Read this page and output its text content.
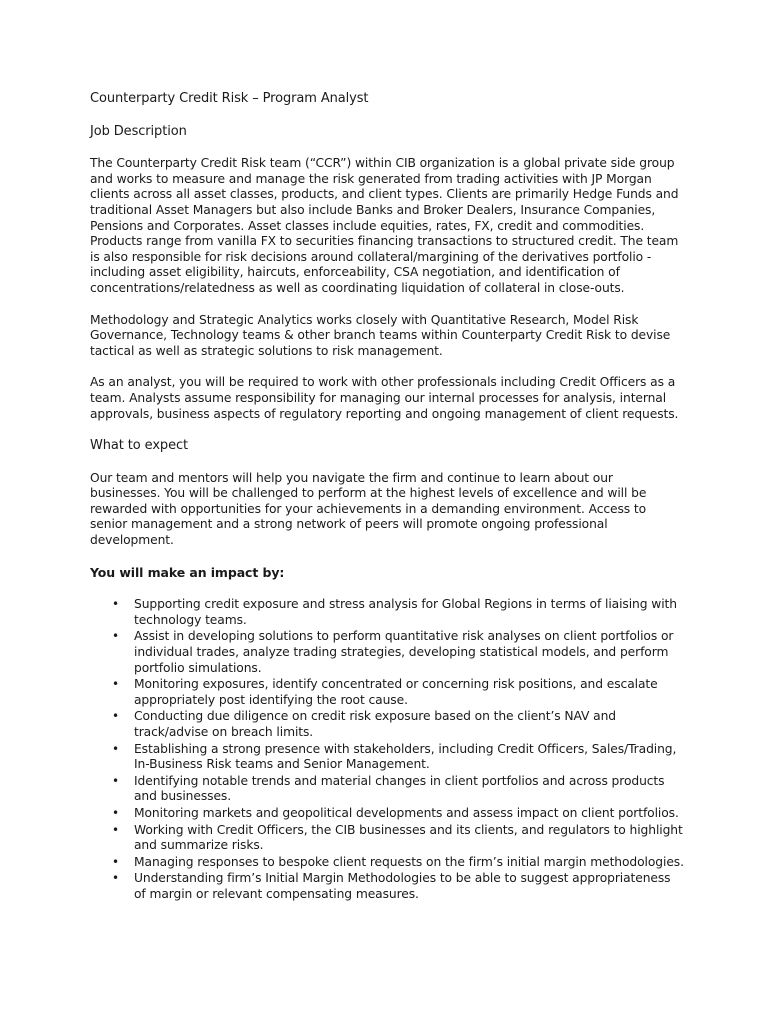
Counterparty Credit Risk – Program Analyst
Job Description

The Counterparty Credit Risk team (“CCR”) within CIB organization is a global private side group and works to measure and manage the risk generated from trading activities with JP Morgan clients across all asset classes, products, and client types. Clients are primarily Hedge Funds and traditional Asset Managers but also include Banks and Broker Dealers, Insurance Companies, Pensions and Corporates. Asset classes include equities, rates, FX, credit and commodities. Products range from vanilla FX to securities financing transactions to structured credit. The team is also responsible for risk decisions around collateral/margining of the derivatives portfolio - including asset eligibility, haircuts, enforceability, CSA negotiation, and identification of concentrations/relatedness as well as coordinating liquidation of collateral in close-outs.

Methodology and Strategic Analytics works closely with Quantitative Research, Model Risk Governance, Technology teams & other branch teams within Counterparty Credit Risk to devise tactical as well as strategic solutions to risk management.

As an analyst, you will be required to work with other professionals including Credit Officers as a team. Analysts assume responsibility for managing our internal processes for analysis, internal approvals, business aspects of regulatory reporting and ongoing management of client requests.

What to expect

Our team and mentors will help you navigate the firm and continue to learn about our businesses. You will be challenged to perform at the highest levels of excellence and will be rewarded with opportunities for your achievements in a demanding environment. Access to senior management and a strong network of peers will promote ongoing professional development.

You will make an impact by:
• Supporting credit exposure and stress analysis for Global Regions in terms of liaising with technology teams.
• Assist in developing solutions to perform quantitative risk analyses on client portfolios or individual trades, analyze trading strategies, developing statistical models, and perform portfolio simulations.
• Monitoring exposures, identify concentrated or concerning risk positions, and escalate appropriately post identifying the root cause.
• Conducting due diligence on credit risk exposure based on the client’s NAV and track/advise on breach limits.
• Establishing a strong presence with stakeholders, including Credit Officers, Sales/Trading, In-Business Risk teams and Senior Management.
• Identifying notable trends and material changes in client portfolios and across products and businesses.
• Monitoring markets and geopolitical developments and assess impact on client portfolios.
• Working with Credit Officers, the CIB businesses and its clients, and regulators to highlight and summarize risks.
• Managing responses to bespoke client requests on the firm’s initial margin methodologies.
• Understanding firm’s Initial Margin Methodologies to be able to suggest appropriateness of margin or relevant compensating measures.
